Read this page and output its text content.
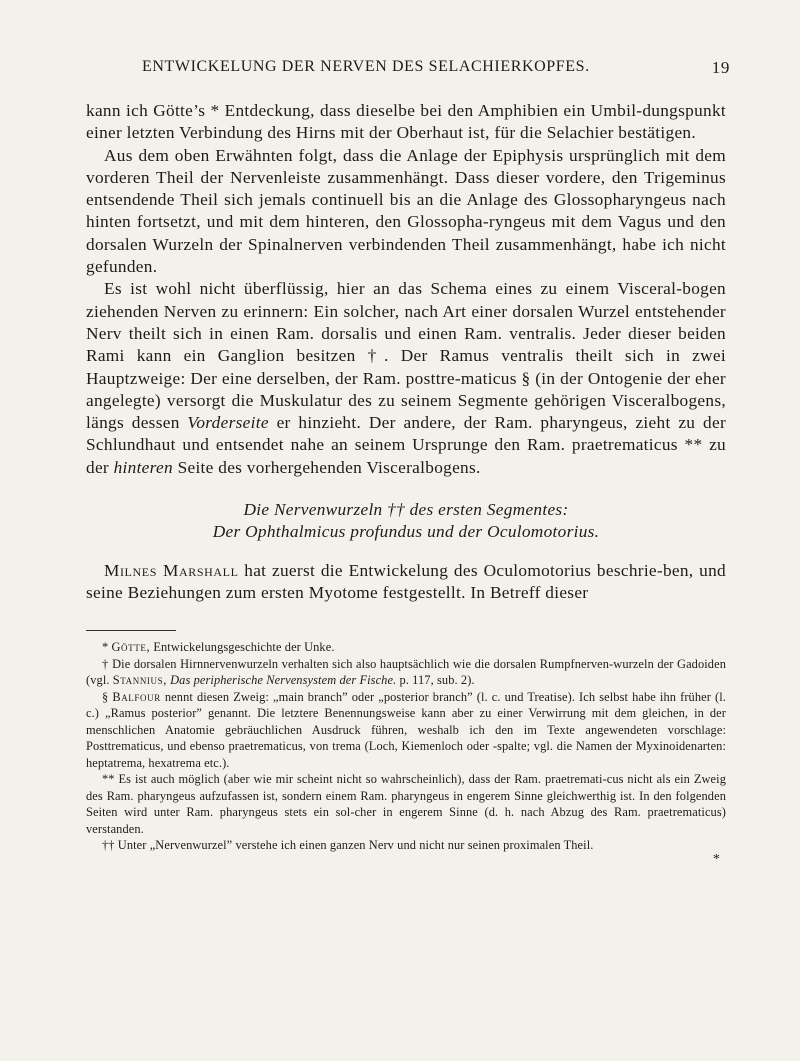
ENTWICKELUNG DER NERVEN DES SELACHIERKOPFES.	19

kann ich Götte’s * Entdeckung, dass dieselbe bei den Amphibien ein Umbil-dungspunkt einer letzten Verbindung des Hirns mit der Oberhaut ist, für die Selachier bestätigen.

Aus dem oben Erwähnten folgt, dass die Anlage der Epiphysis ursprünglich mit dem vorderen Theil der Nervenleiste zusammenhängt. Dass dieser vordere, den Trigeminus entsendende Theil sich jemals continuell bis an die Anlage des Glossopharyngeus nach hinten fortsetzt, und mit dem hinteren, den Glossopha-ryngeus mit dem Vagus und den dorsalen Wurzeln der Spinalnerven verbindenden Theil zusammenhängt, habe ich nicht gefunden.

Es ist wohl nicht überflüssig, hier an das Schema eines zu einem Visceral-bogen ziehenden Nerven zu erinnern: Ein solcher, nach Art einer dorsalen Wurzel entstehender Nerv theilt sich in einen Ram. dorsalis und einen Ram. ventralis. Jeder dieser beiden Rami kann ein Ganglion besitzen †. Der Ramus ventralis theilt sich in zwei Hauptzweige: Der eine derselben, der Ram. posttre-maticus § (in der Ontogenie der eher angelegte) versorgt die Muskulatur des zu seinem Segmente gehörigen Visceralbogens, längs dessen Vorderseite er hinzieht. Der andere, der Ram. pharyngeus, zieht zu der Schlundhaut und entsendet nahe an seinem Ursprunge den Ram. praetrematicus ** zu der hinteren Seite des vorhergehenden Visceralbogens.

Die Nervenwurzeln †† des ersten Segmentes:
Der Ophthalmicus profundus und der Oculomotorius.

Milnes Marshall hat zuerst die Entwickelung des Oculomotorius beschrie-ben, und seine Beziehungen zum ersten Myotome festgestellt. In Betreff dieser

* Götte, Entwickelungsgeschichte der Unke.

† Die dorsalen Hirnnervenwurzeln verhalten sich also hauptsächlich wie die dorsalen Rumpfnerven-wurzeln der Gadoiden (vgl. Stannius, Das peripherische Nervensystem der Fische. p. 117, sub. 2).

§ Balfour nennt diesen Zweig: „main branch” oder „posterior branch” (l. c. und Treatise). Ich selbst habe ihn früher (l. c.) „Ramus posterior” genannt. Die letztere Benennungsweise kann aber zu einer Verwirrung mit dem gleichen, in der menschlichen Anatomie gebräuchlichen Ausdruck führen, weshalb ich den im Texte angewendeten vorschlage: Posttrematicus, und ebenso praetrematicus, von trema (Loch, Kiemenloch oder -spalte; vgl. die Namen der Myxinoidenarten: heptatrema, hexatrema etc.).

** Es ist auch möglich (aber wie mir scheint nicht so wahrscheinlich), dass der Ram. praetremati-cus nicht als ein Zweig des Ram. pharyngeus aufzufassen ist, sondern einem Ram. pharyngeus in engerem Sinne gleichwerthig ist. In den folgenden Seiten wird unter Ram. pharyngeus stets ein sol-cher in engerem Sinne (d. h. nach Abzug des Ram. praetrematicus) verstanden.

†† Unter „Nervenwurzel” verstehe ich einen ganzen Nerv und nicht nur seinen proximalen Theil.

*
